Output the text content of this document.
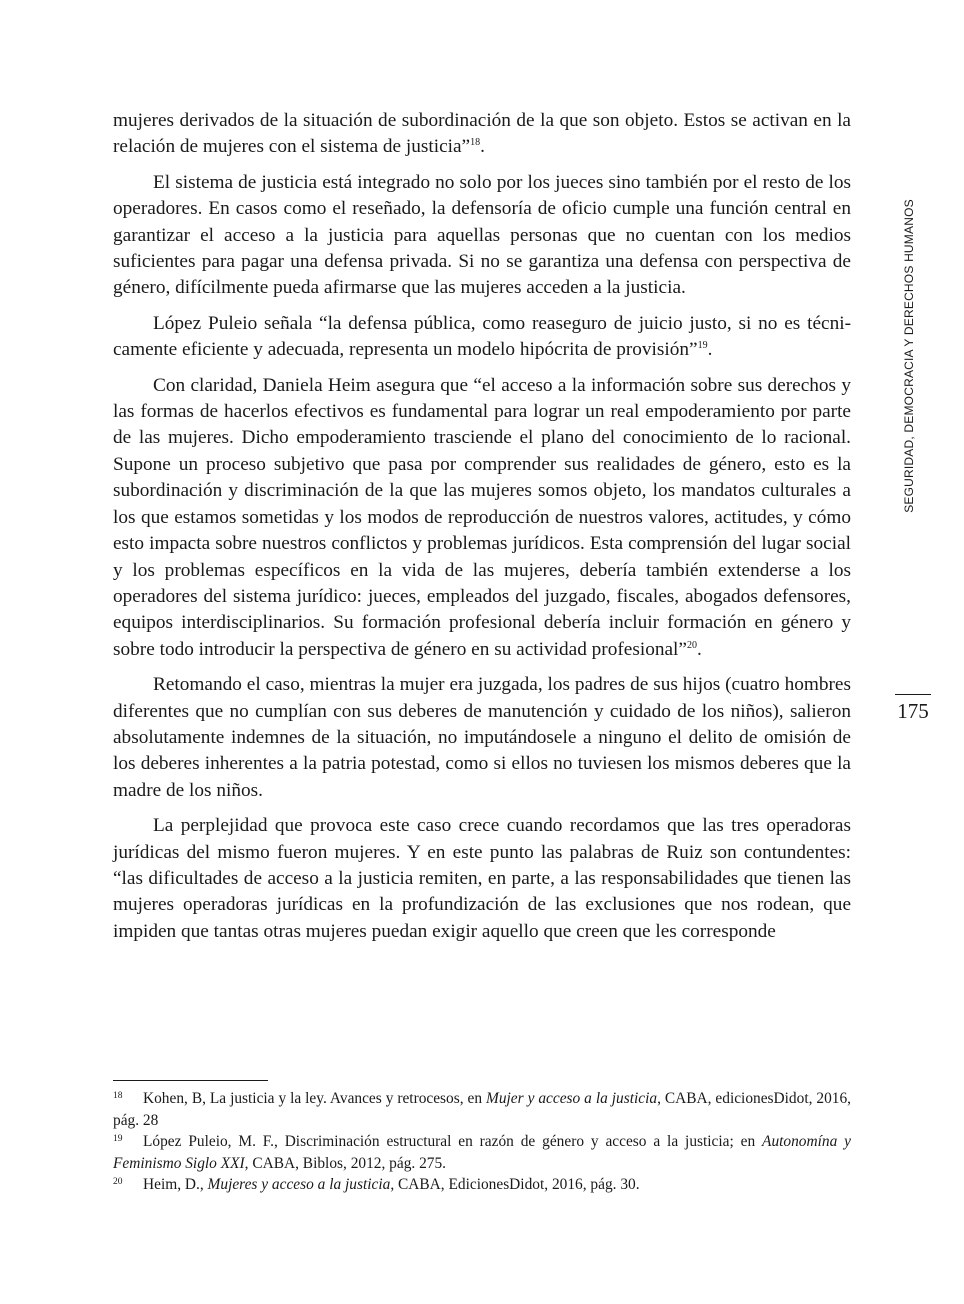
SEGURIDAD, DEMOCRACIA Y DERECHOS HUMANOS
175

mujeres derivados de la situación de subordinación de la que son objeto. Estos se activan en la relación de mujeres con el sistema de justicia”$^{18}$.

El sistema de justicia está integrado no solo por los jueces sino también por el resto de los operadores. En casos como el reseñado, la defensoría de oficio cumple una función central en garantizar el acceso a la justicia para aquellas personas que no cuentan con los medios suficientes para pagar una defensa privada. Si no se garantiza una defensa con perspectiva de género, difícilmente pueda afirmarse que las mujeres acceden a la justicia.

López Puleio señala “la defensa pública, como reaseguro de juicio justo, si no es técnicamente eficiente y adecuada, representa un modelo hipócrita de provisión”$^{19}$.

Con claridad, Daniela Heim asegura que “el acceso a la información sobre sus derechos y las formas de hacerlos efectivos es fundamental para lograr un real empoderamiento por parte de las mujeres. Dicho empoderamiento trasciende el plano del conocimiento de lo racional. Supone un proceso subjetivo que pasa por comprender sus realidades de género, esto es la subordinación y discriminación de la que las mujeres somos objeto, los mandatos culturales a los que estamos sometidas y los modos de reproducción de nuestros valores, actitudes, y cómo esto impacta sobre nuestros conflictos y problemas jurídicos. Esta comprensión del lugar social y los problemas específicos en la vida de las mujeres, debería también extenderse a los operadores del sistema jurídico: jueces, empleados del juzgado, fiscales, abogados defensores, equipos interdisciplinarios. Su formación profesional debería incluir formación en género y sobre todo introducir la perspectiva de género en su actividad profesional”$^{20}$.

Retomando el caso, mientras la mujer era juzgada, los padres de sus hijos (cuatro hombres diferentes que no cumplían con sus deberes de manutención y cuidado de los niños), salieron absolutamente indemnes de la situación, no imputándosele a ninguno el delito de omisión de los deberes inherentes a la patria potestad, como si ellos no tuviesen los mismos deberes que la madre de los niños.

La perplejidad que provoca este caso crece cuando recordamos que las tres operadoras jurídicas del mismo fueron mujeres. Y en este punto las palabras de Ruiz son contundentes: “las dificultades de acceso a la justicia remiten, en parte, a las responsabilidades que tienen las mujeres operadoras jurídicas en la profundización de las exclusiones que nos rodean, que impiden que tantas otras mujeres puedan exigir aquello que creen que les corresponde

18 Kohen, B, La justicia y la ley. Avances y retrocesos, en Mujer y acceso a la justicia, CABA, edicionesDidot, 2016, pág. 28

19 López Puleio, M. F., Discriminación estructural en razón de género y acceso a la justicia; en Autonomína y Feminismo Siglo XXI, CABA, Biblos, 2012, pág. 275.

20 Heim, D., Mujeres y acceso a la justicia, CABA, EdicionesDidot, 2016, pág. 30.
